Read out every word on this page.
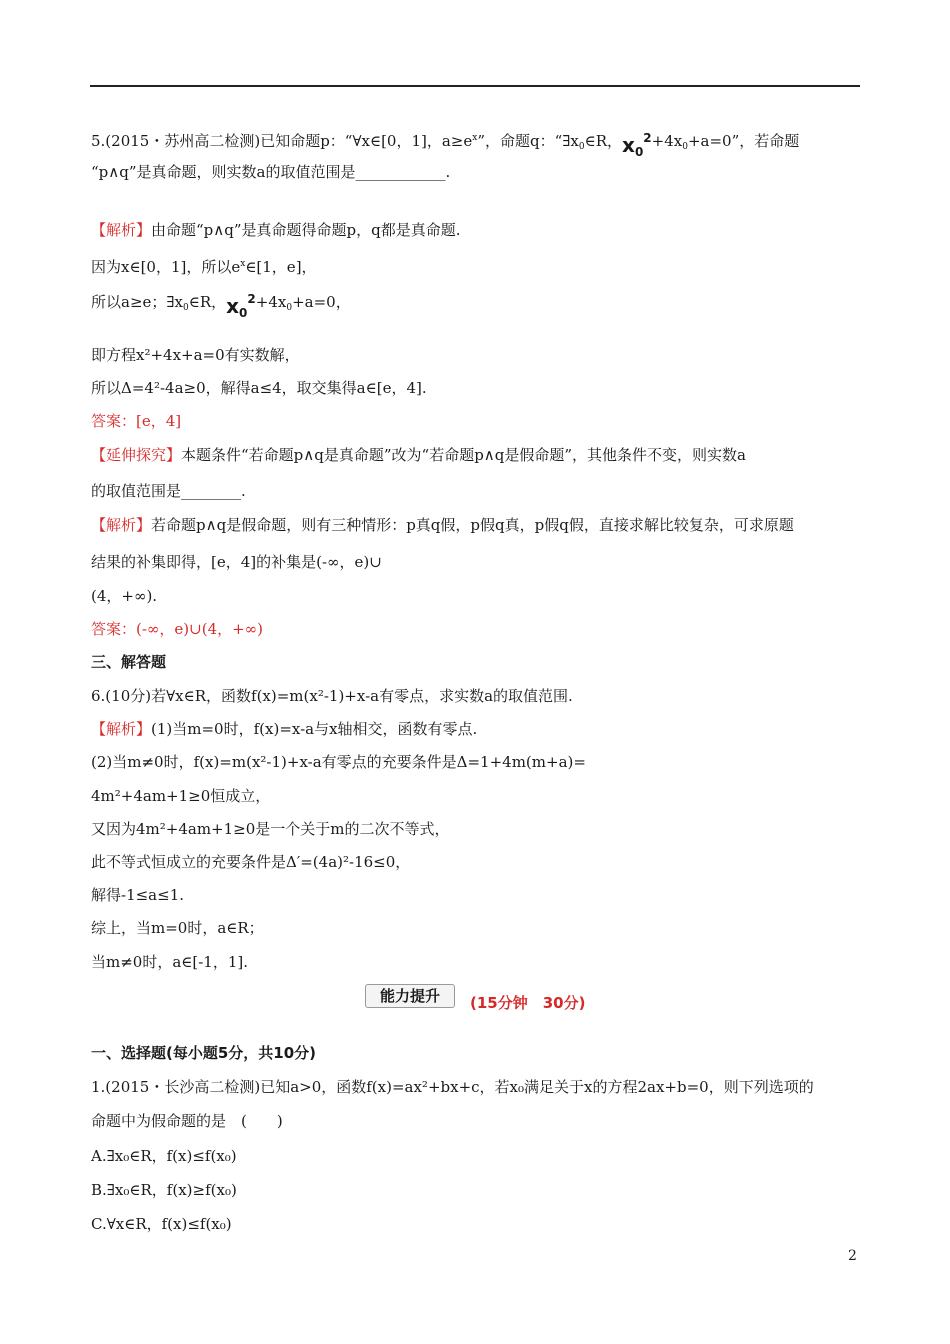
5.(2015・苏州高二检测)已知命题p：“∀x∈[0，1]，$a\ge e^x$”，命题q：“$\exists x_0\in R$，$x_0^2+4x_0+a=0$”，若命题
“p∧q”是真命题，则实数a的取值范围是____________.
【解析】由命题“p∧q”是真命题得命题p，q都是真命题.
因为x∈[0，1]，所以$e^x\in[1$，e]，
所以a≥e；$\exists x_0\in R$，$x_0^2+4x_0+a=0$，
即方程x²+4x+a=0有实数解，
所以Δ=4²-4a≥0，解得a≤4，取交集得a∈[e，4].
答案：[e，4]
【延伸探究】本题条件“若命题p∧q是真命题”改为“若命题p∧q是假命题”，其他条件不变，则实数a
的取值范围是________.
【解析】若命题p∧q是假命题，则有三种情形：p真q假，p假q真，p假q假，直接求解比较复杂，可求原题
结果的补集即得，[e，4]的补集是(-∞，e)∪
(4，+∞).
答案：(-∞，e)∪(4，+∞)
三、解答题
6.(10分)若∀x∈R，函数f(x)=m(x²-1)+x-a有零点，求实数a的取值范围.
【解析】(1)当m=0时，f(x)=x-a与x轴相交，函数有零点.
(2)当m≠0时，f(x)=m(x²-1)+x-a有零点的充要条件是Δ=1+4m(m+a)=
4m²+4am+1≥0恒成立，
又因为4m²+4am+1≥0是一个关于m的二次不等式，
此不等式恒成立的充要条件是Δ′=(4a)²-16≤0，
解得-1≤a≤1.
综上，当m=0时，a∈R；
当m≠0时，a∈[-1，1].
能力提升	(15分钟　30分)
一、选择题(每小题5分，共10分)
1.(2015・长沙高二检测)已知a>0，函数f(x)=ax²+bx+c，若x₀满足关于x的方程2ax+b=0，则下列选项的
命题中为假命题的是　(　　)
A.∃x₀∈R，f(x)≤f(x₀)
B.∃x₀∈R，f(x)≥f(x₀)
C.∀x∈R，f(x)≤f(x₀)
2
